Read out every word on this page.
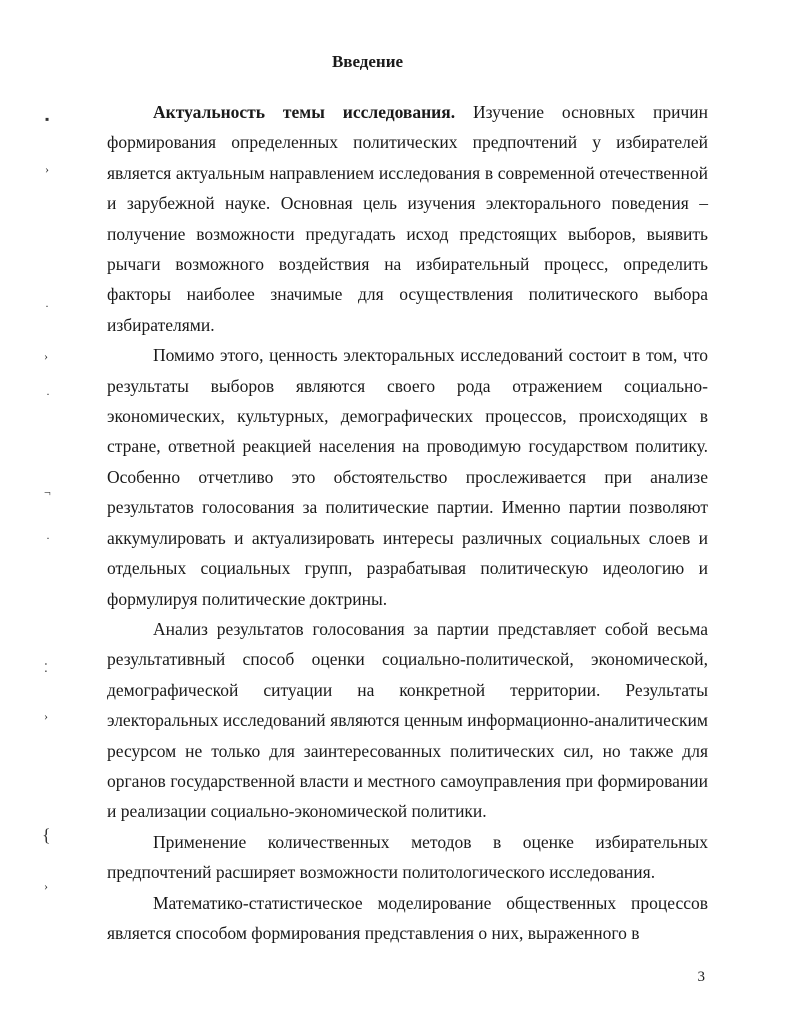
Введение

Актуальность темы исследования. Изучение основных причин формирования определенных политических предпочтений у избирателей является актуальным направлением исследования в современной отечественной и зарубежной науке. Основная цель изучения электорального поведения – получение возможности предугадать исход предстоящих выборов, выявить рычаги возможного воздействия на избирательный процесс, определить факторы наиболее значимые для осуществления политического выбора избирателями.

Помимо этого, ценность электоральных исследований состоит в том, что результаты выборов являются своего рода отражением социально-экономических, культурных, демографических процессов, происходящих в стране, ответной реакцией населения на проводимую государством политику. Особенно отчетливо это обстоятельство прослеживается при анализе результатов голосования за политические партии. Именно партии позволяют аккумулировать и актуализировать интересы различных социальных слоев и отдельных социальных групп, разрабатывая политическую идеологию и формулируя политические доктрины.

Анализ результатов голосования за партии представляет собой весьма результативный способ оценки социально-политической, экономической, демографической ситуации на конкретной территории. Результаты электоральных исследований являются ценным информационно-аналитическим ресурсом не только для заинтересованных политических сил, но также для органов государственной власти и местного самоуправления при формировании и реализации социально-экономической политики.

Применение количественных методов в оценке избирательных предпочтений расширяет возможности политологического исследования.

Математико-статистическое моделирование общественных процессов является способом формирования представления о них, выраженного в

3
▪
›
·
›
·
¬
·
⁚
›
{
›
